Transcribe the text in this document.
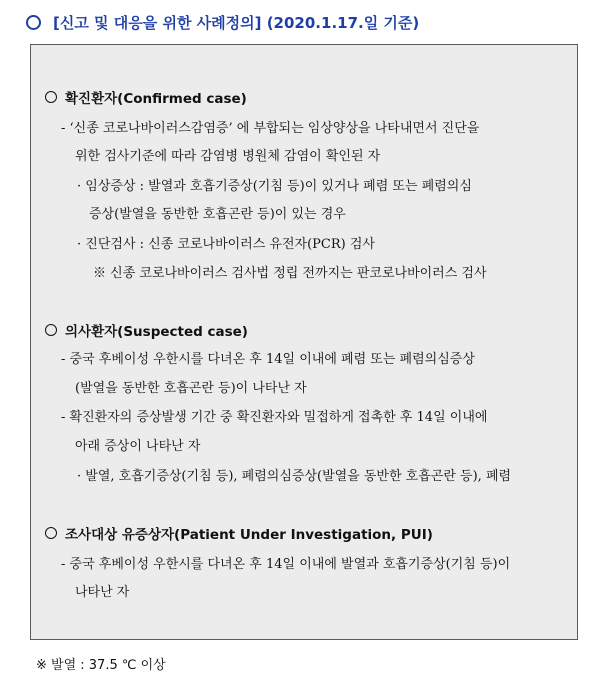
[신고 및 대응을 위한 사례정의] (2020.1.17.일 기준)
확진환자(Confirmed case)
- ‘신종 코로나바이러스감염증’ 에 부합되는 임상양상을 나타내면서 진단을
위한 검사기준에 따라 감염병 병원체 감염이 확인된 자
· 임상증상 : 발열과 호흡기증상(기침 등)이 있거나 폐렴 또는 폐렴의심
증상(발열을 동반한 호흡곤란 등)이 있는 경우
· 진단검사 : 신종 코로나바이러스 유전자(PCR) 검사
※ 신종 코로나바이러스 검사법 정립 전까지는 판코로나바이러스 검사
의사환자(Suspected case)
- 중국 후베이성 우한시를 다녀온 후 14일 이내에 폐렴 또는 폐렴의심증상
(발열을 동반한 호흡곤란 등)이 나타난 자
- 확진환자의 증상발생 기간 중 확진환자와 밀접하게 접촉한 후 14일 이내에
아래 증상이 나타난 자
· 발열, 호흡기증상(기침 등), 폐렴의심증상(발열을 동반한 호흡곤란 등), 폐렴
조사대상 유증상자(Patient Under Investigation, PUI)
- 중국 후베이성 우한시를 다녀온 후 14일 이내에 발열과 호흡기증상(기침 등)이
나타난 자
※ 발열 : 37.5 ℃ 이상
